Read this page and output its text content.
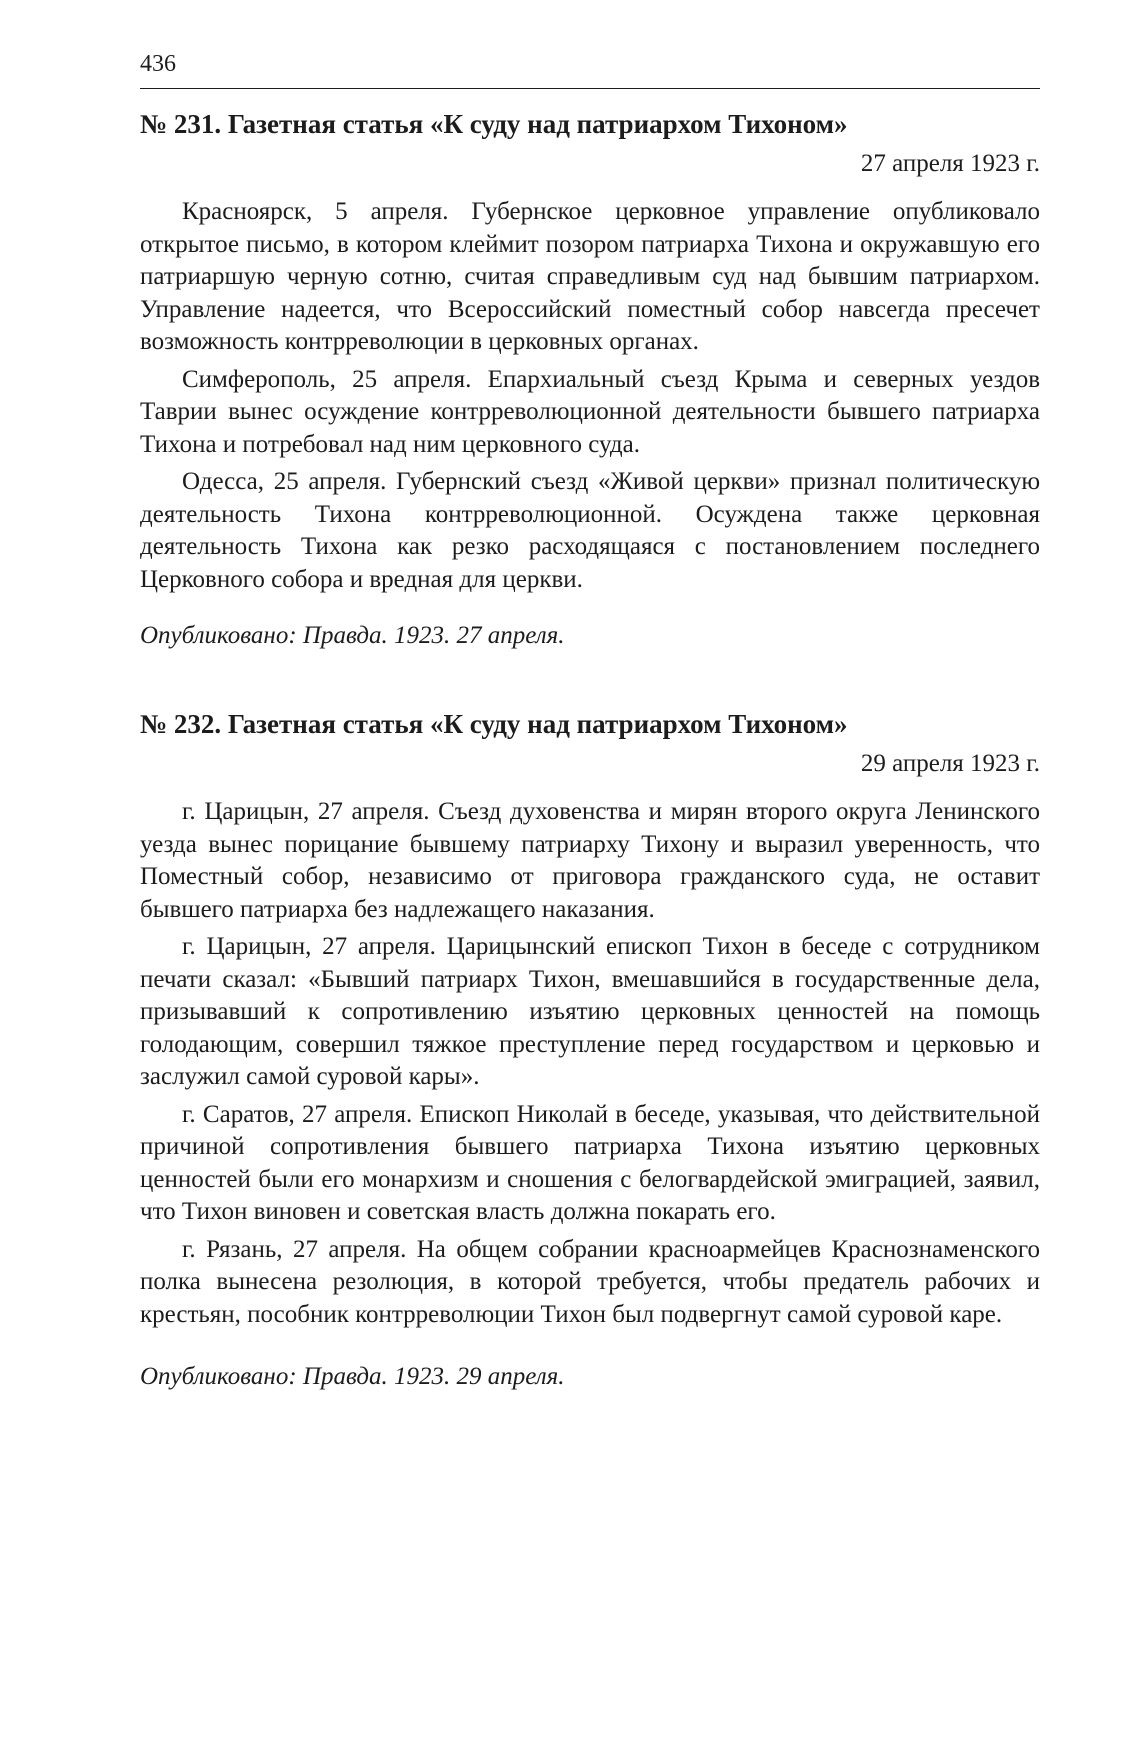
436
№ 231. Газетная статья «К суду над патриархом Тихоном»

27 апреля 1923 г.

Красноярск, 5 апреля. Губернское церковное управление опубликовало открытое письмо, в котором клеймит позором патриарха Тихона и окружавшую его патриаршую черную сотню, считая справедливым суд над бывшим патриархом. Управление надеется, что Всероссийский поместный собор навсегда пресечет возможность контрреволюции в церковных органах.

Симферополь, 25 апреля. Епархиальный съезд Крыма и северных уездов Таврии вынес осуждение контрреволюционной деятельности бывшего патриарха Тихона и потребовал над ним церковного суда.

Одесса, 25 апреля. Губернский съезд «Живой церкви» признал политическую деятельность Тихона контрреволюционной. Осуждена также церковная деятельность Тихона как резко расходящаяся с постановлением последнего Церковного собора и вредная для церкви.

Опубликовано: Правда. 1923. 27 апреля.

№ 232. Газетная статья «К суду над патриархом Тихоном»

29 апреля 1923 г.

г. Царицын, 27 апреля. Съезд духовенства и мирян второго округа Ленинского уезда вынес порицание бывшему патриарху Тихону и выразил уверенность, что Поместный собор, независимо от приговора гражданского суда, не оставит бывшего патриарха без надлежащего наказания.

г. Царицын, 27 апреля. Царицынский епископ Тихон в беседе с сотрудником печати сказал: «Бывший патриарх Тихон, вмешавшийся в государственные дела, призывавший к сопротивлению изъятию церковных ценностей на помощь голодающим, совершил тяжкое преступление перед государством и церковью и заслужил самой суровой кары».

г. Саратов, 27 апреля. Епископ Николай в беседе, указывая, что действительной причиной сопротивления бывшего патриарха Тихона изъятию церковных ценностей были его монархизм и сношения с белогвардейской эмиграцией, заявил, что Тихон виновен и советская власть должна покарать его.

г. Рязань, 27 апреля. На общем собрании красноармейцев Краснознаменского полка вынесена резолюция, в которой требуется, чтобы предатель рабочих и крестьян, пособник контрреволюции Тихон был подвергнут самой суровой каре.

Опубликовано: Правда. 1923. 29 апреля.
